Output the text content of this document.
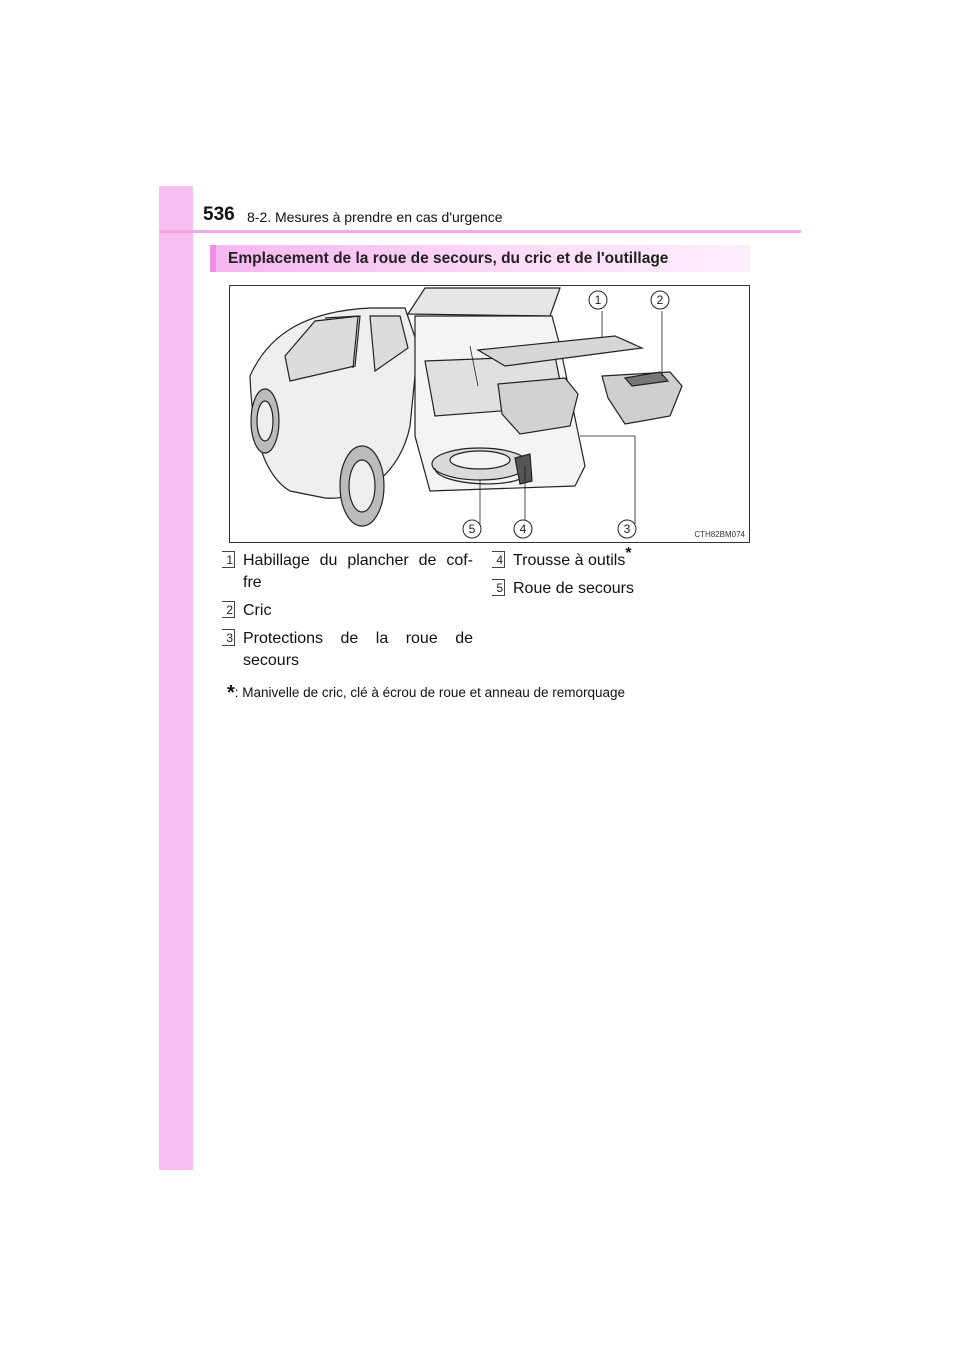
536 8-2. Mesures à prendre en cas d'urgence
Emplacement de la roue de secours, du cric et de l'outillage
1	2
5	4	3	CTH82BM074
1 Habillage du plancher de cof-
fre
2 Cric
3 Protections de la roue de
secours
4 Trousse à outils*
5 Roue de secours
*: Manivelle de cric, clé à écrou de roue et anneau de remorquage
